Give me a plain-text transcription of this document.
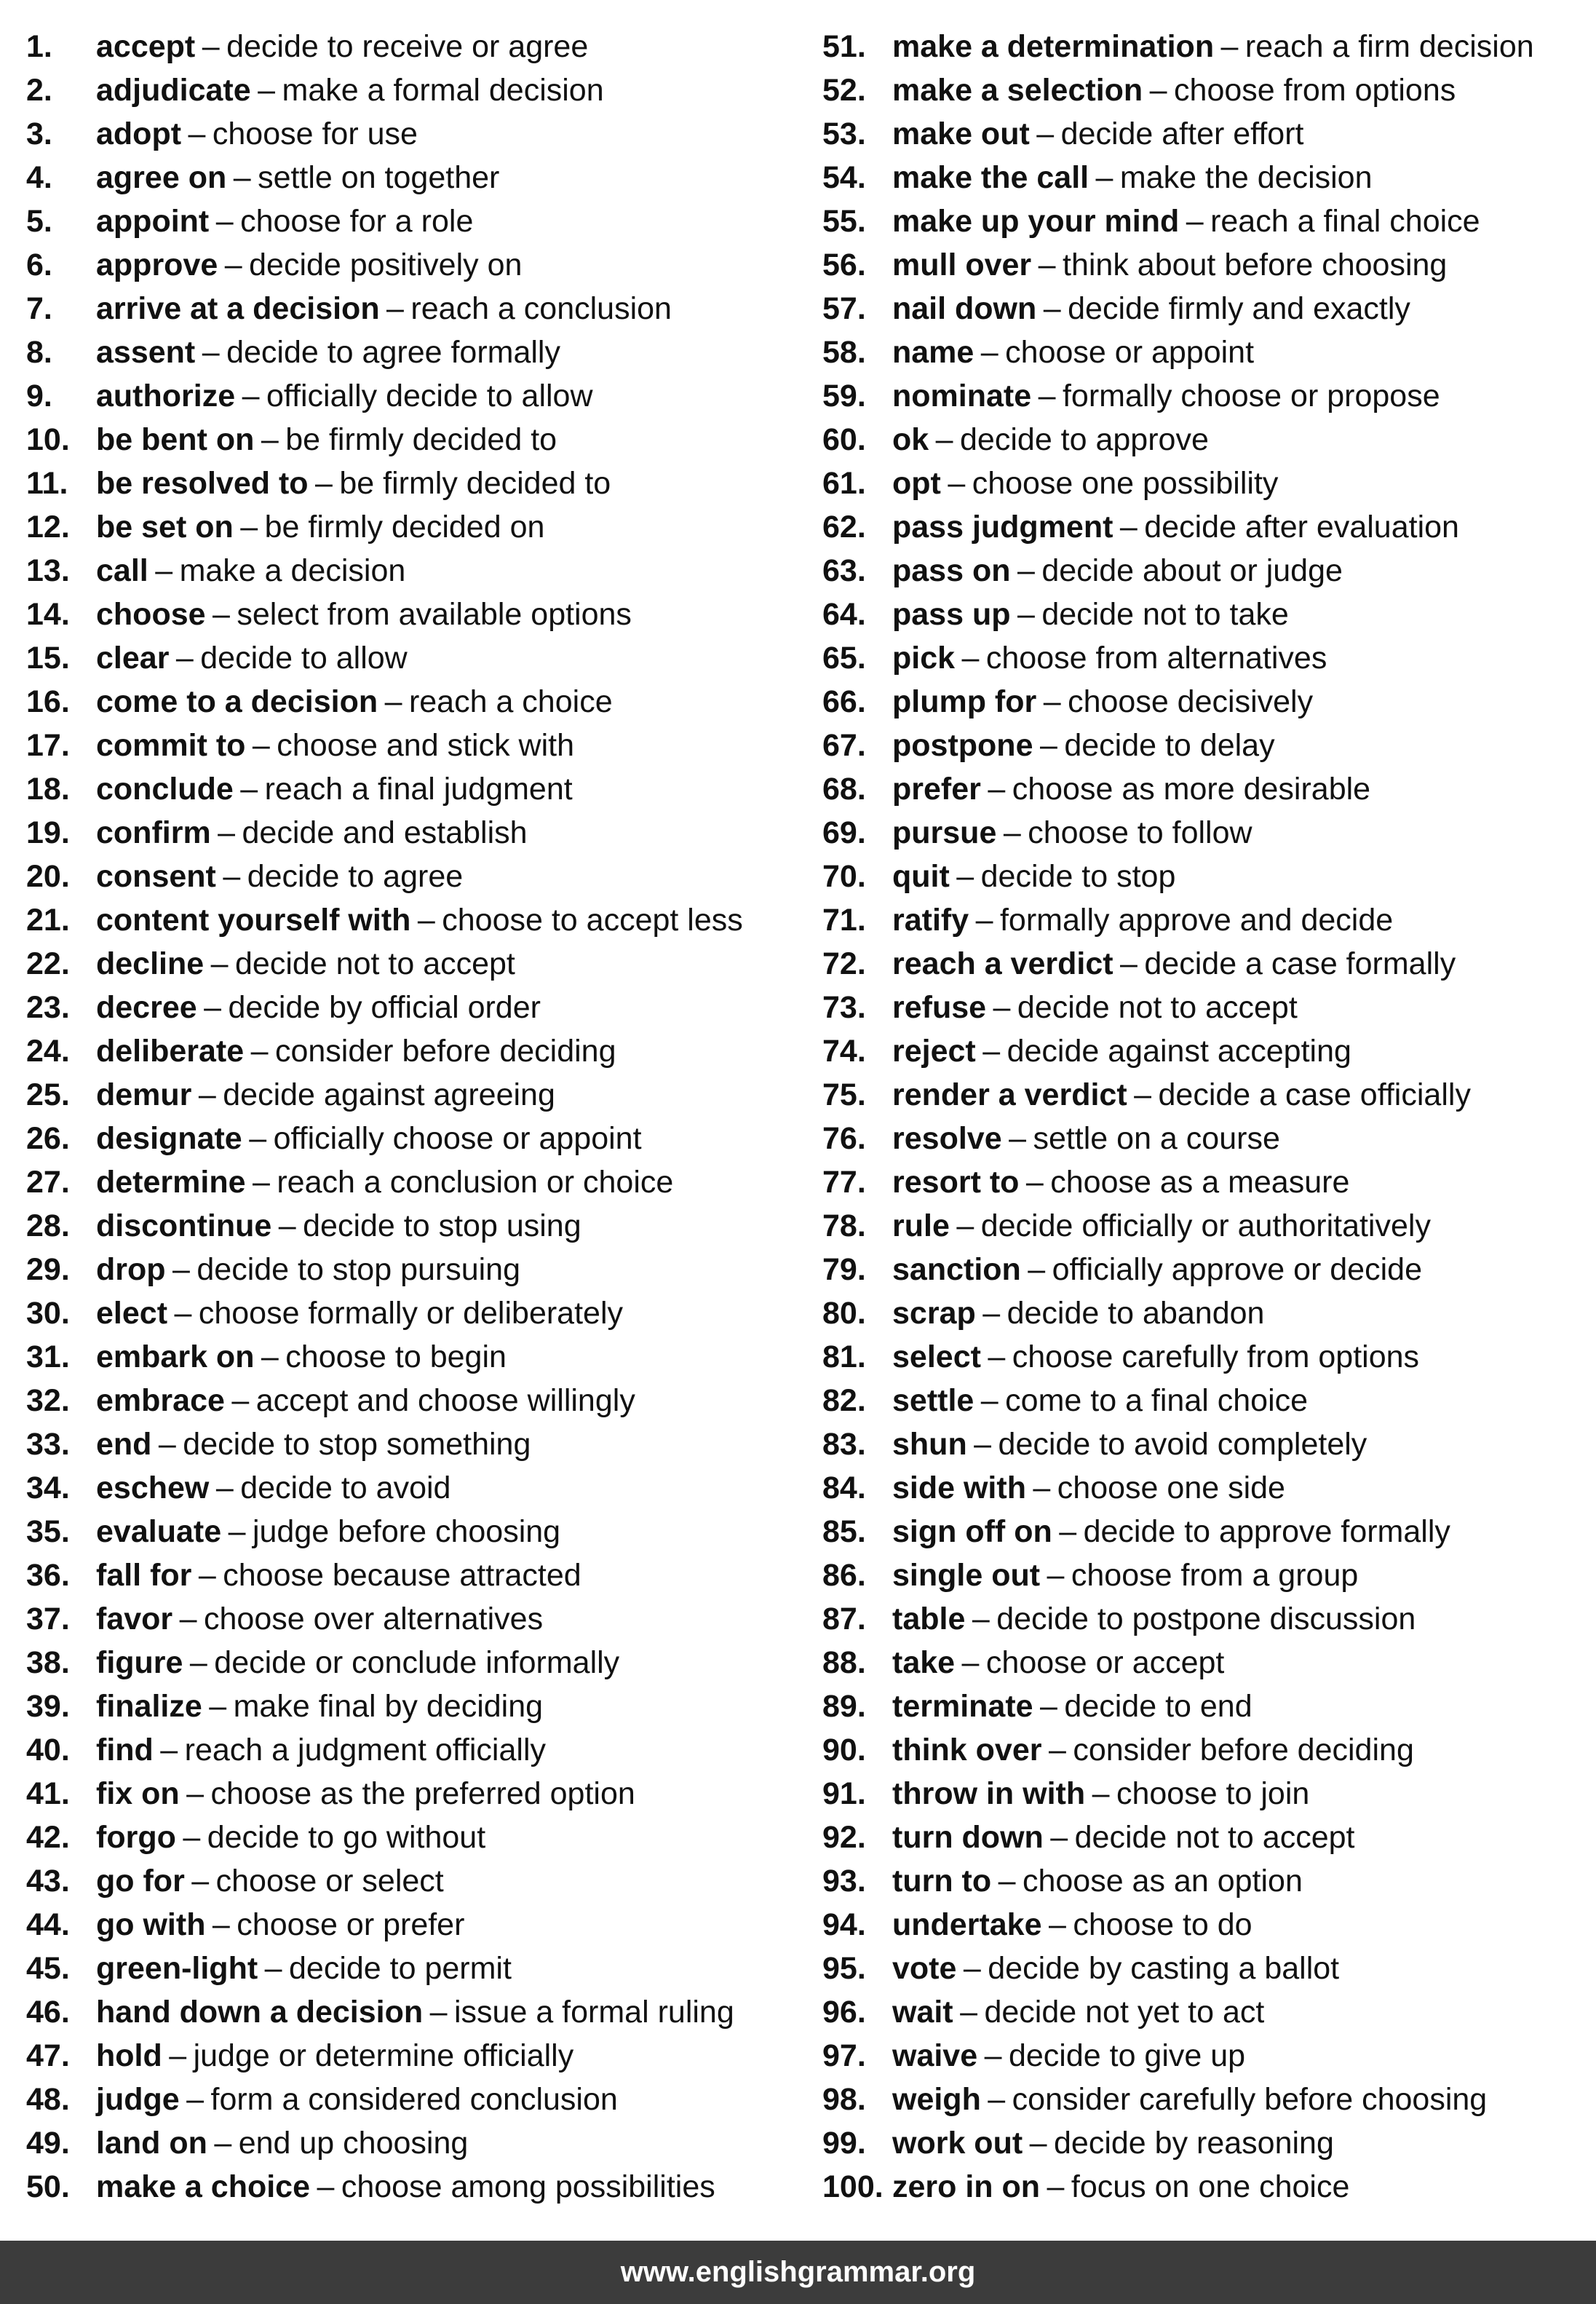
1.	accept – decide to receive or agree
2.	adjudicate – make a formal decision
3.	adopt – choose for use
4.	agree on – settle on together
5.	appoint – choose for a role
6.	approve – decide positively on
7.	arrive at a decision – reach a conclusion
8.	assent – decide to agree formally
9.	authorize – officially decide to allow
10. be bent on – be firmly decided to
11. be resolved to – be firmly decided to
12. be set on – be firmly decided on
13. call – make a decision
14. choose – select from available options
15. clear – decide to allow
16. come to a decision – reach a choice
17. commit to – choose and stick with
18. conclude – reach a final judgment
19. confirm – decide and establish
20. consent – decide to agree
21. content yourself with – choose to accept less
22. decline – decide not to accept
23. decree – decide by official order
24. deliberate – consider before deciding
25. demur – decide against agreeing
26. designate – officially choose or appoint
27. determine – reach a conclusion or choice
28. discontinue – decide to stop using
29. drop – decide to stop pursuing
30. elect – choose formally or deliberately
31. embark on – choose to begin
32. embrace – accept and choose willingly
33. end – decide to stop something
34. eschew – decide to avoid
35. evaluate – judge before choosing
36. fall for – choose because attracted
37. favor – choose over alternatives
38. figure – decide or conclude informally
39. finalize – make final by deciding
40. find – reach a judgment officially
41. fix on – choose as the preferred option
42. forgo – decide to go without
43. go for – choose or select
44. go with – choose or prefer
45. green-light – decide to permit
46. hand down a decision – issue a formal ruling
47. hold – judge or determine officially
48. judge – form a considered conclusion
49. land on – end up choosing
50. make a choice – choose among possibilities
51. make a determination – reach a firm decision
52. make a selection – choose from options
53. make out – decide after effort
54. make the call – make the decision
55. make up your mind – reach a final choice
56. mull over – think about before choosing
57. nail down – decide firmly and exactly
58. name – choose or appoint
59. nominate – formally choose or propose
60. ok – decide to approve
61. opt – choose one possibility
62. pass judgment – decide after evaluation
63. pass on – decide about or judge
64. pass up – decide not to take
65. pick – choose from alternatives
66. plump for – choose decisively
67. postpone – decide to delay
68. prefer – choose as more desirable
69. pursue – choose to follow
70. quit – decide to stop
71. ratify – formally approve and decide
72. reach a verdict – decide a case formally
73. refuse – decide not to accept
74. reject – decide against accepting
75. render a verdict – decide a case officially
76. resolve – settle on a course
77. resort to – choose as a measure
78. rule – decide officially or authoritatively
79. sanction – officially approve or decide
80. scrap – decide to abandon
81. select – choose carefully from options
82. settle – come to a final choice
83. shun – decide to avoid completely
84. side with – choose one side
85. sign off on – decide to approve formally
86. single out – choose from a group
87. table – decide to postpone discussion
88. take – choose or accept
89. terminate – decide to end
90. think over – consider before deciding
91. throw in with – choose to join
92. turn down – decide not to accept
93. turn to – choose as an option
94. undertake – choose to do
95. vote – decide by casting a ballot
96. wait – decide not yet to act
97. waive – decide to give up
98. weigh – consider carefully before choosing
99. work out – decide by reasoning
100. zero in on – focus on one choice
www.englishgrammar.org
